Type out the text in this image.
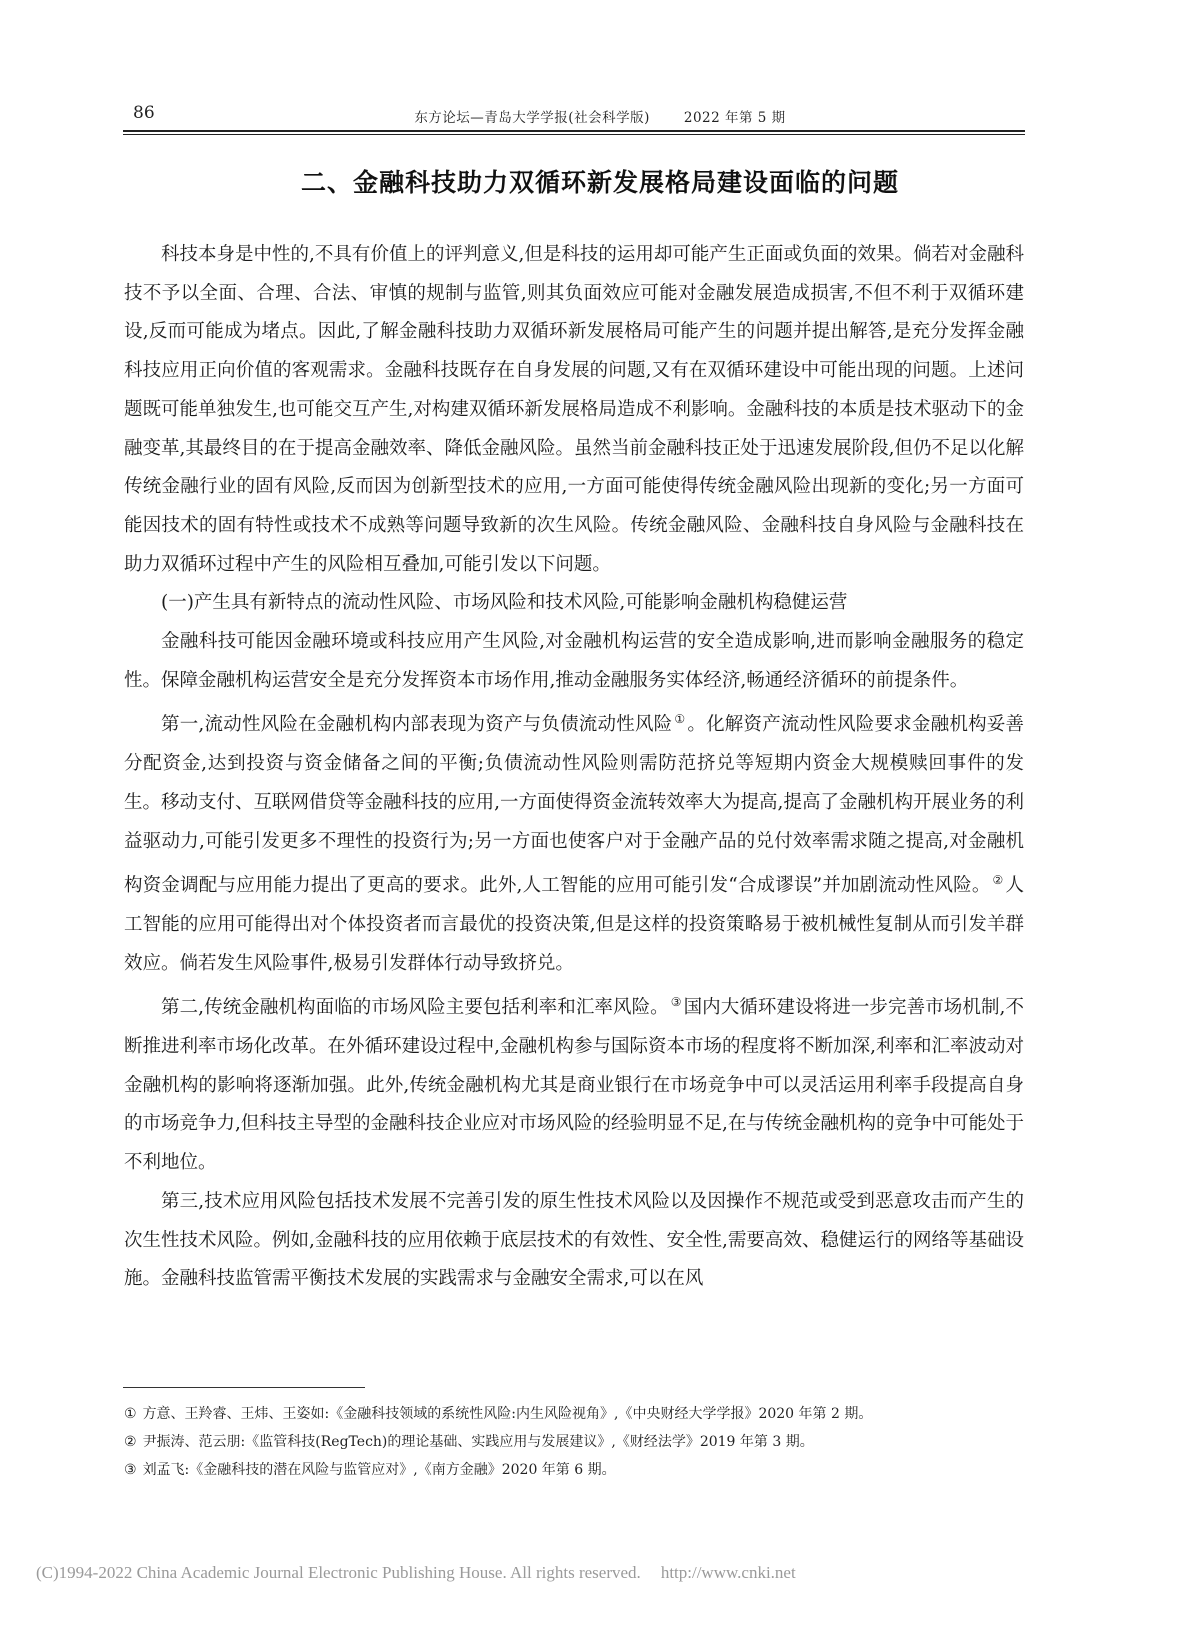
86	东方论坛—青岛大学学报(社会科学版)	2022 年第 5 期
二、金融科技助力双循环新发展格局建设面临的问题

科技本身是中性的,不具有价值上的评判意义,但是科技的运用却可能产生正面或负面的效果。倘若对金融科技不予以全面、合理、合法、审慎的规制与监管,则其负面效应可能对金融发展造成损害,不但不利于双循环建设,反而可能成为堵点。因此,了解金融科技助力双循环新发展格局可能产生的问题并提出解答,是充分发挥金融科技应用正向价值的客观需求。金融科技既存在自身发展的问题,又有在双循环建设中可能出现的问题。上述问题既可能单独发生,也可能交互产生,对构建双循环新发展格局造成不利影响。金融科技的本质是技术驱动下的金融变革,其最终目的在于提高金融效率、降低金融风险。虽然当前金融科技正处于迅速发展阶段,但仍不足以化解传统金融行业的固有风险,反而因为创新型技术的应用,一方面可能使得传统金融风险出现新的变化;另一方面可能因技术的固有特性或技术不成熟等问题导致新的次生风险。传统金融风险、金融科技自身风险与金融科技在助力双循环过程中产生的风险相互叠加,可能引发以下问题。

(一)产生具有新特点的流动性风险、市场风险和技术风险,可能影响金融机构稳健运营

金融科技可能因金融环境或科技应用产生风险,对金融机构运营的安全造成影响,进而影响金融服务的稳定性。保障金融机构运营安全是充分发挥资本市场作用,推动金融服务实体经济,畅通经济循环的前提条件。

第一,流动性风险在金融机构内部表现为资产与负债流动性风险 ① 。化解资产流动性风险要求金融机构妥善分配资金,达到投资与资金储备之间的平衡;负债流动性风险则需防范挤兑等短期内资金大规模赎回事件的发生。移动支付、互联网借贷等金融科技的应用,一方面使得资金流转效率大为提高,提高了金融机构开展业务的利益驱动力,可能引发更多不理性的投资行为;另一方面也使客户对于金融产品的兑付效率需求随之提高,对金融机构资金调配与应用能力提出了更高的要求。此外,人工智能的应用可能引发“合成谬误”并加剧流动性风险。 ② 人工智能的应用可能得出对个体投资者而言最优的投资决策,但是这样的投资策略易于被机械性复制从而引发羊群效应。倘若发生风险事件,极易引发群体行动导致挤兑。

第二,传统金融机构面临的市场风险主要包括利率和汇率风险。 ③ 国内大循环建设将进一步完善市场机制,不断推进利率市场化改革。在外循环建设过程中,金融机构参与国际资本市场的程度将不断加深,利率和汇率波动对金融机构的影响将逐渐加强。此外,传统金融机构尤其是商业银行在市场竞争中可以灵活运用利率手段提高自身的市场竞争力,但科技主导型的金融科技企业应对市场风险的经验明显不足,在与传统金融机构的竞争中可能处于不利地位。

第三,技术应用风险包括技术发展不完善引发的原生性技术风险以及因操作不规范或受到恶意攻击而产生的次生性技术风险。例如,金融科技的应用依赖于底层技术的有效性、安全性,需要高效、稳健运行的网络等基础设施。金融科技监管需平衡技术发展的实践需求与金融安全需求,可以在风

① 方意、王羚睿、王炜、王姿如:《金融科技领域的系统性风险:内生风险视角》,《中央财经大学学报》2020 年第 2 期。
② 尹振涛、范云朋:《监管科技(RegTech)的理论基础、实践应用与发展建议》,《财经法学》2019 年第 3 期。
③ 刘孟飞:《金融科技的潜在风险与监管应对》,《南方金融》2020 年第 6 期。
(C)1994-2022 China Academic Journal Electronic Publishing House. All rights reserved. http://www.cnki.net
